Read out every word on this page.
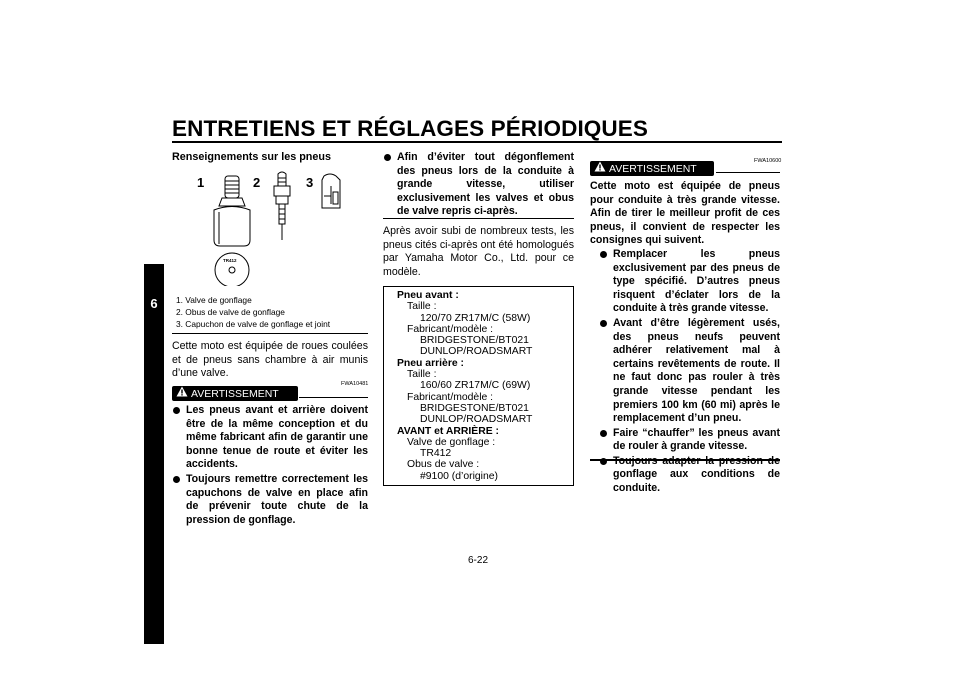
ENTRETIENS ET RÉGLAGES PÉRIODIQUES
6
Renseignements sur les pneus
1	2	3
TR412
1. Valve de gonflage
2. Obus de valve de gonflage
3. Capuchon de valve de gonflage et joint
Cette moto est équipée de roues coulées et de pneus sans chambre à air munis d’une valve.
FWA10481
AVERTISSEMENT
Les pneus avant et arrière doivent être de la même conception et du même fabricant afin de garantir une bonne tenue de route et éviter les accidents.
Toujours remettre correctement les capuchons de valve en place afin de prévenir toute chute de la pression de gonflage.
Afin d’éviter tout dégonflement des pneus lors de la conduite à grande vitesse, utiliser exclusivement les valves et obus de valve repris ci-après.
Après avoir subi de nombreux tests, les pneus cités ci-après ont été homologués par Yamaha Motor Co., Ltd. pour ce modèle.
Pneu avant :
Taille :
120/70 ZR17M/C (58W)
Fabricant/modèle :
BRIDGESTONE/BT021
DUNLOP/ROADSMART
Pneu arrière :
Taille :
160/60 ZR17M/C (69W)
Fabricant/modèle :
BRIDGESTONE/BT021
DUNLOP/ROADSMART
AVANT et ARRIÈRE :
Valve de gonflage :
TR412
Obus de valve :
#9100 (d’origine)
FWA10600
AVERTISSEMENT
Cette moto est équipée de pneus pour conduite à très grande vitesse. Afin de tirer le meilleur profit de ces pneus, il convient de respecter les consignes qui suivent.
Remplacer les pneus exclusivement par des pneus de type spécifié. D’autres pneus risquent d’éclater lors de la conduite à très grande vitesse.
Avant d’être légèrement usés, des pneus neufs peuvent adhérer relativement mal à certains revêtements de route. Il ne faut donc pas rouler à très grande vitesse pendant les premiers 100 km (60 mi) après le remplacement d’un pneu.
Faire “chauffer” les pneus avant de rouler à grande vitesse.
gonflage aux conditions de conduite.
6-22
